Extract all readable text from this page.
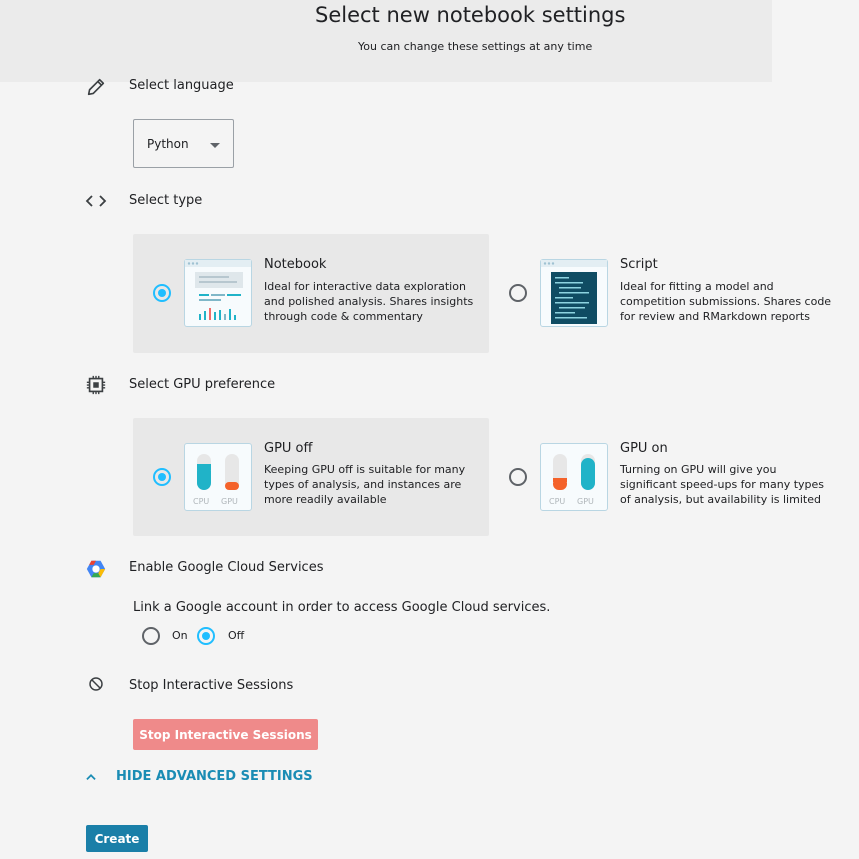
Select new notebook settings
You can change these settings at any time
Select language
Python
Select type
Notebook
Ideal for interactive data exploration and polished analysis. Shares insights through code & commentary
Script
Ideal for fitting a model and competition submissions. Shares code for review and RMarkdown reports
Select GPU preference
CPU GPU
GPU off
Keeping GPU off is suitable for many types of analysis, and instances are more readily available	CPU GPU
GPU on
Turning on GPU will give you significant speed-ups for many types of analysis, but availability is limited
Enable Google Cloud Services
Link a Google account in order to access Google Cloud services.
On	Off
Stop Interactive Sessions
Stop Interactive Sessions
HIDE ADVANCED SETTINGS
Create
